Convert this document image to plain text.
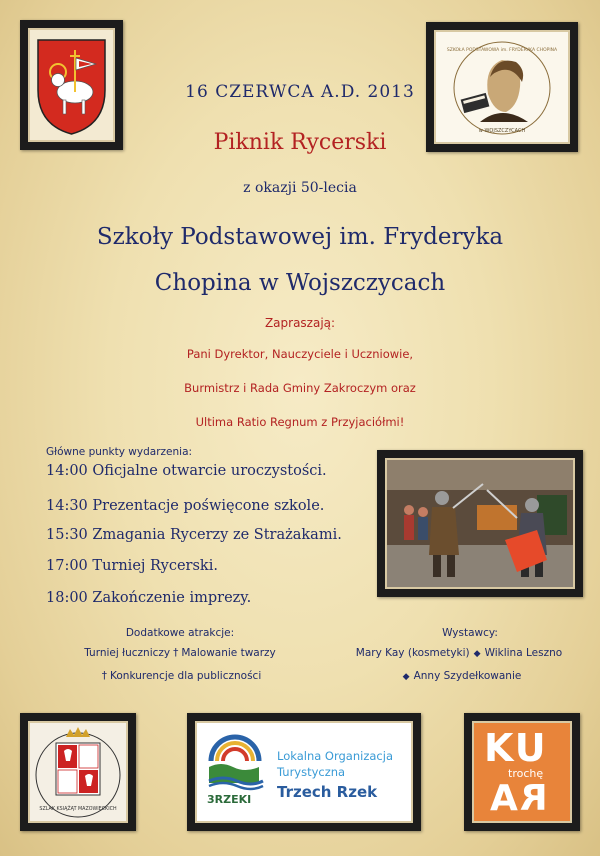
SZKOŁA PODSTAWOWA im. FRYDERYKA CHOPINA
w WOJSZCZYCACH
16 CZERWCA A.D. 2013
Piknik Rycerski
z okazji 50-lecia
Szkoły Podstawowej im. Fryderyka
Chopina w Wojszczycach
Zapraszają:
Pani Dyrektor, Nauczyciele i Uczniowie,
Burmistrz i Rada Gminy Zakroczym oraz
Ultima Ratio Regnum z Przyjaciółmi!
Główne punkty wydarzenia:
14:00 Oficjalne otwarcie uroczystości.
14:30 Prezentacje poświęcone szkole.
15:30 Zmagania Rycerzy ze Strażakami.
17:00 Turniej Rycerski.
18:00 Zakończenie imprezy.
Dodatkowe atrakcje:
Turniej łuczniczy † Malowanie twarzy
† Konkurencje dla publiczności
Wystawcy:
Mary Kay (kosmetyki) ◆ Wiklina Leszno
◆ Anny Szydełkowanie
SZLAK KSIĄŻĄT MAZOWIECKICH
3RZEKI
Lokalna Organizacja
Turystyczna
Trzech Rzek
KU
trochę
RA
